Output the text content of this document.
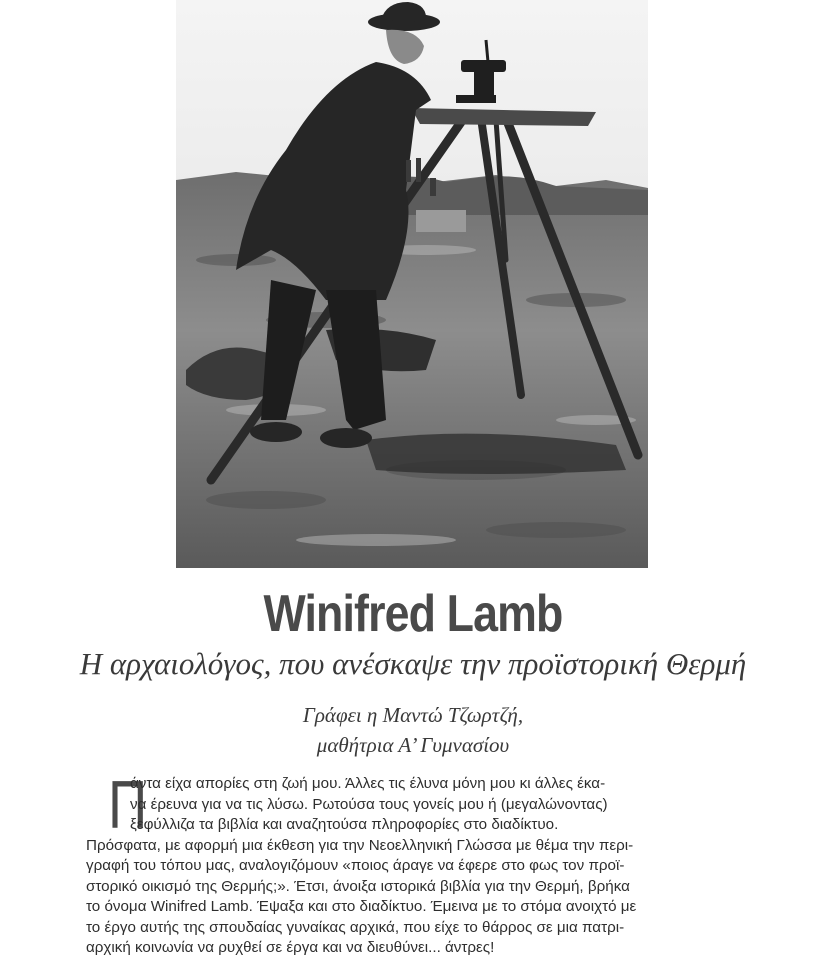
Winifred Lamb
Η αρχαιολόγος, που ανέσκαψε την προϊστορική Θερμή
Γράφει η Μαντώ Τζωρτζή,
μαθήτρια Α’ Γυμνασίου
Π
άντα είχα απορίες στη ζωή μου. Άλλες τις έλυνα μόνη μου κι άλλες έκα-
να έρευνα για να τις λύσω. Ρωτούσα τους γονείς μου ή (μεγαλώνοντας)
ξεφύλλιζα τα βιβλία και αναζητούσα πληροφορίες στο διαδίκτυο.
Πρόσφατα, με αφορμή μια έκθεση για την Νεοελληνική Γλώσσα με θέμα την περι-
γραφή του τόπου μας, αναλογιζόμουν «ποιος άραγε να έφερε στο φως τον προϊ-
στορικό οικισμό της Θερμής;». Έτσι, άνοιξα ιστορικά βιβλία για την Θερμή, βρήκα
το όνομα Winifred Lamb. Έψαξα και στο διαδίκτυο. Έμεινα με το στόμα ανοιχτό με
το έργο αυτής της σπουδαίας γυναίκας αρχικά, που είχε το θάρρος σε μια πατρι-
αρχική κοινωνία να ρυχθεί σε έργα και να διευθύνει... άντρες!
